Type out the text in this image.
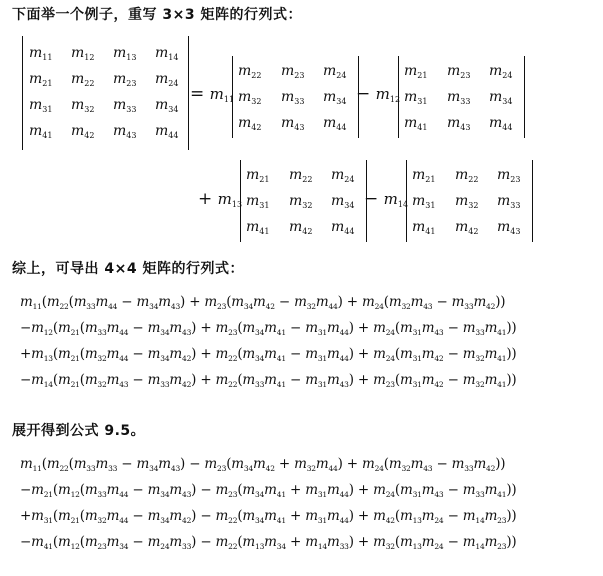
下面举一个例子，重写 3×3 矩阵的行列式：
$m_{11}$ $m_{12}$ $m_{13}$ $m_{14}$
$m_{21}$ $m_{22}$ $m_{23}$ $m_{24}$
$m_{31}$ $m_{32}$ $m_{33}$ $m_{34}$
$m_{41}$ $m_{42}$ $m_{43}$ $m_{44}$
= $m_{11}$
$m_{22}$ $m_{23}$ $m_{24}$
$m_{32}$ $m_{33}$ $m_{34}$
$m_{42}$ $m_{43}$ $m_{44}$
− $m_{12}$
$m_{21}$ $m_{23}$ $m_{24}$
$m_{31}$ $m_{33}$ $m_{34}$
$m_{41}$ $m_{43}$ $m_{44}$
+ $m_{13}$
$m_{21}$ $m_{22}$ $m_{24}$
$m_{31}$ $m_{32}$ $m_{34}$
$m_{41}$ $m_{42}$ $m_{44}$
− $m_{14}$
$m_{21}$ $m_{22}$ $m_{23}$
$m_{31}$ $m_{32}$ $m_{33}$
$m_{41}$ $m_{42}$ $m_{43}$
综上，可导出 4×4 矩阵的行列式：
$m_{11}(m_{22}(m_{33}m_{44} - m_{34}m_{43}) + m_{23}(m_{34}m_{42} - m_{32}m_{44}) + m_{24}(m_{32}m_{43} - m_{33}m_{42}))$
$-m_{12}(m_{21}(m_{33}m_{44} - m_{34}m_{43}) + m_{23}(m_{34}m_{41} - m_{31}m_{44}) + m_{24}(m_{31}m_{43} - m_{33}m_{41}))$
$+m_{13}(m_{21}(m_{32}m_{44} - m_{34}m_{42}) + m_{22}(m_{34}m_{41} - m_{31}m_{44}) + m_{24}(m_{31}m_{42} - m_{32}m_{41}))$
$-m_{14}(m_{21}(m_{32}m_{43} - m_{33}m_{42}) + m_{22}(m_{33}m_{41} - m_{31}m_{43}) + m_{23}(m_{31}m_{42} - m_{32}m_{41}))$
展开得到公式 9.5。
$m_{11}(m_{22}(m_{33}m_{33} - m_{34}m_{43}) - m_{23}(m_{34}m_{42} + m_{32}m_{44}) + m_{24}(m_{32}m_{43} - m_{33}m_{42}))$
$-m_{21}(m_{12}(m_{33}m_{44} - m_{34}m_{43}) - m_{23}(m_{34}m_{41} + m_{31}m_{44}) + m_{24}(m_{31}m_{43} - m_{33}m_{41}))$
$+m_{31}(m_{21}(m_{32}m_{44} - m_{34}m_{42}) - m_{22}(m_{34}m_{41} + m_{31}m_{44}) + m_{42}(m_{13}m_{24} - m_{14}m_{23}))$
$-m_{41}(m_{12}(m_{23}m_{34} - m_{24}m_{33}) - m_{22}(m_{13}m_{34} + m_{14}m_{33}) + m_{32}(m_{13}m_{24} - m_{14}m_{23}))$
